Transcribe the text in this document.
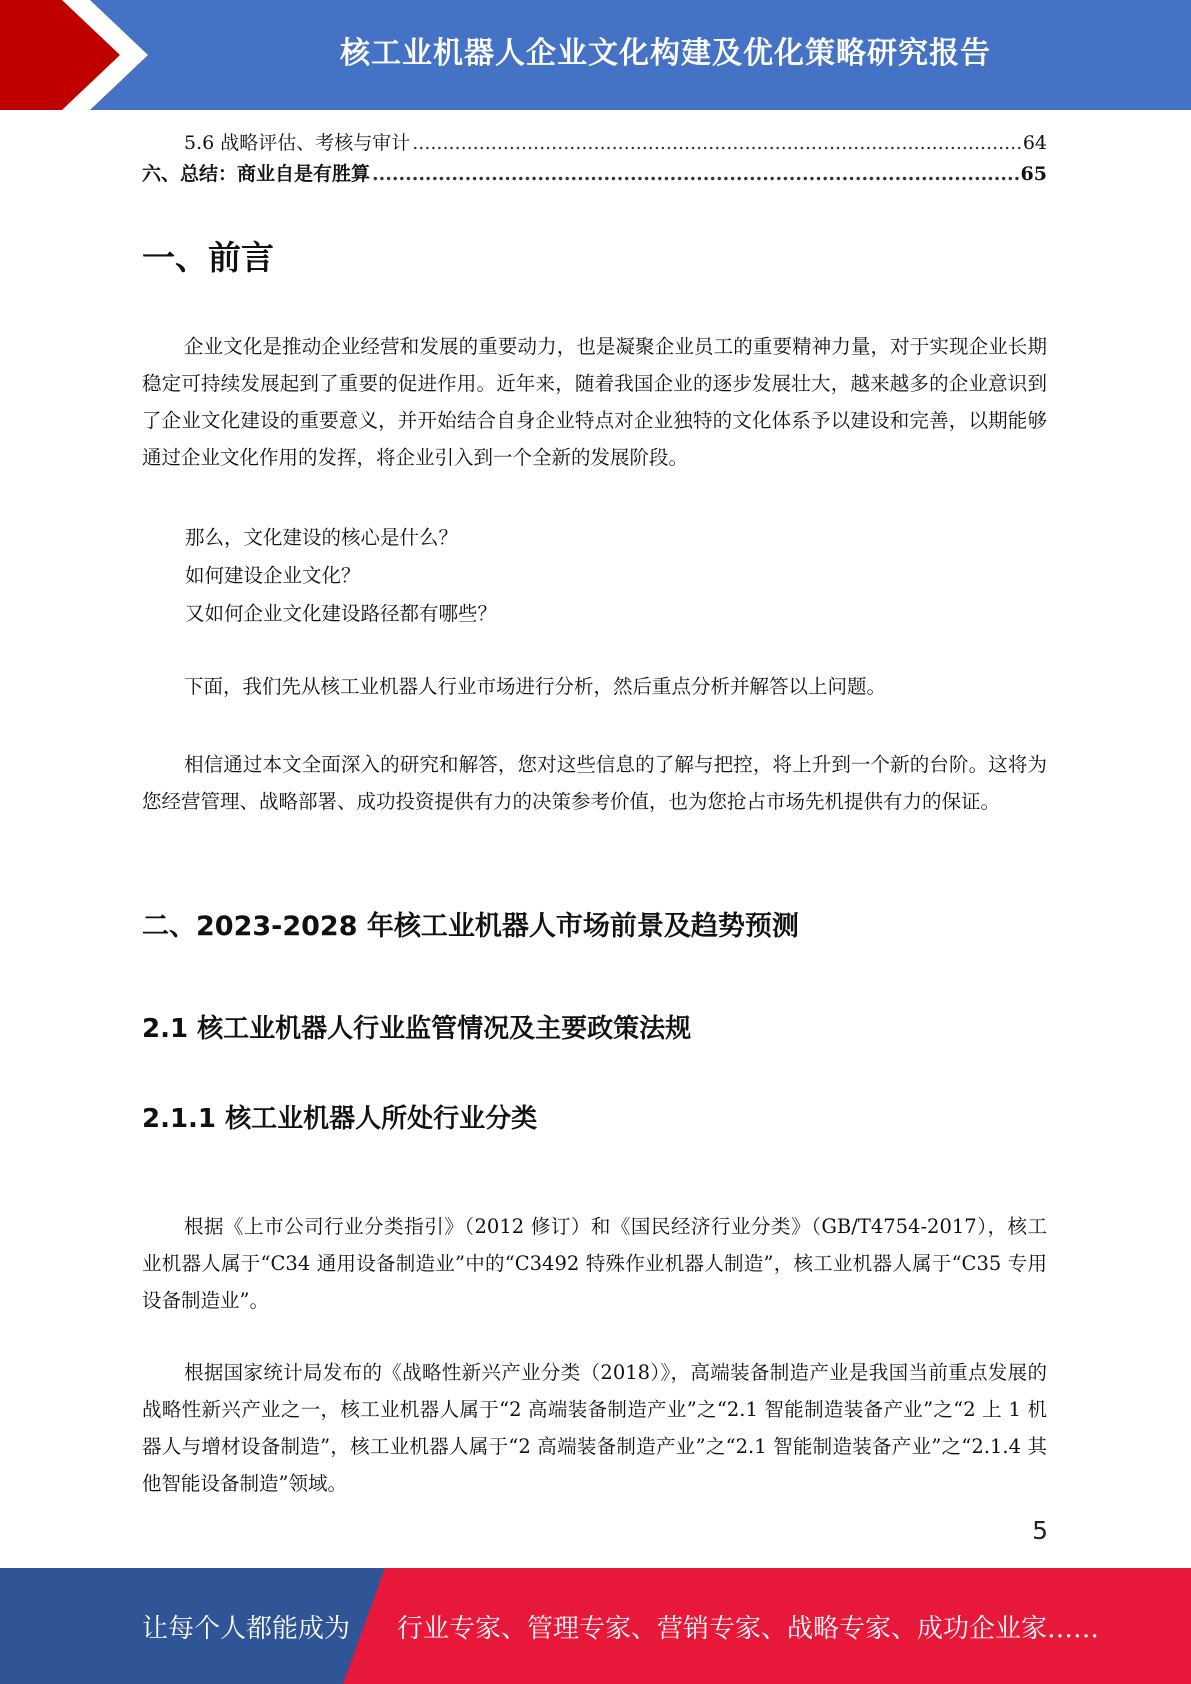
核工业机器人企业文化构建及优化策略研究报告
5.6 战略评估、考核与审计 .....	64
六、总结：商业自是有胜算 .....	65
一、前言

企业文化是推动企业经营和发展的重要动力，也是凝聚企业员工的重要精神力量，对于实现企业长期稳定可持续发展起到了重要的促进作用。近年来，随着我国企业的逐步发展壮大，越来越多的企业意识到了企业文化建设的重要意义，并开始结合自身企业特点对企业独特的文化体系予以建设和完善，以期能够通过企业文化作用的发挥，将企业引入到一个全新的发展阶段。

那么，文化建设的核心是什么？

如何建设企业文化？

又如何企业文化建设路径都有哪些？

下面，我们先从核工业机器人行业市场进行分析，然后重点分析并解答以上问题。

相信通过本文全面深入的研究和解答，您对这些信息的了解与把控，将上升到一个新的台阶。这将为您经营管理、战略部署、成功投资提供有力的决策参考价值，也为您抢占市场先机提供有力的保证。

二、2023-2028 年核工业机器人市场前景及趋势预测
2.1 核工业机器人行业监管情况及主要政策法规
2.1.1 核工业机器人所处行业分类

根据《上市公司行业分类指引》（2012 修订）和《国民经济行业分类》（GB/T4754-2017），核工业机器人属于“C34 通用设备制造业”中的“C3492 特殊作业机器人制造”，核工业机器人属于“C35 专用设备制造业”。

根据国家统计局发布的《战略性新兴产业分类（2018）》，高端装备制造产业是我国当前重点发展的战略性新兴产业之一，核工业机器人属于“2 高端装备制造产业”之“2.1 智能制造装备产业”之“2 上 1 机器人与增材设备制造”，核工业机器人属于“2 高端装备制造产业”之“2.1 智能制造装备产业”之“2.1.4 其他智能设备制造”领域。

5
让每个人都能成为 行业专家、管理专家、营销专家、战略专家、成功企业家……
